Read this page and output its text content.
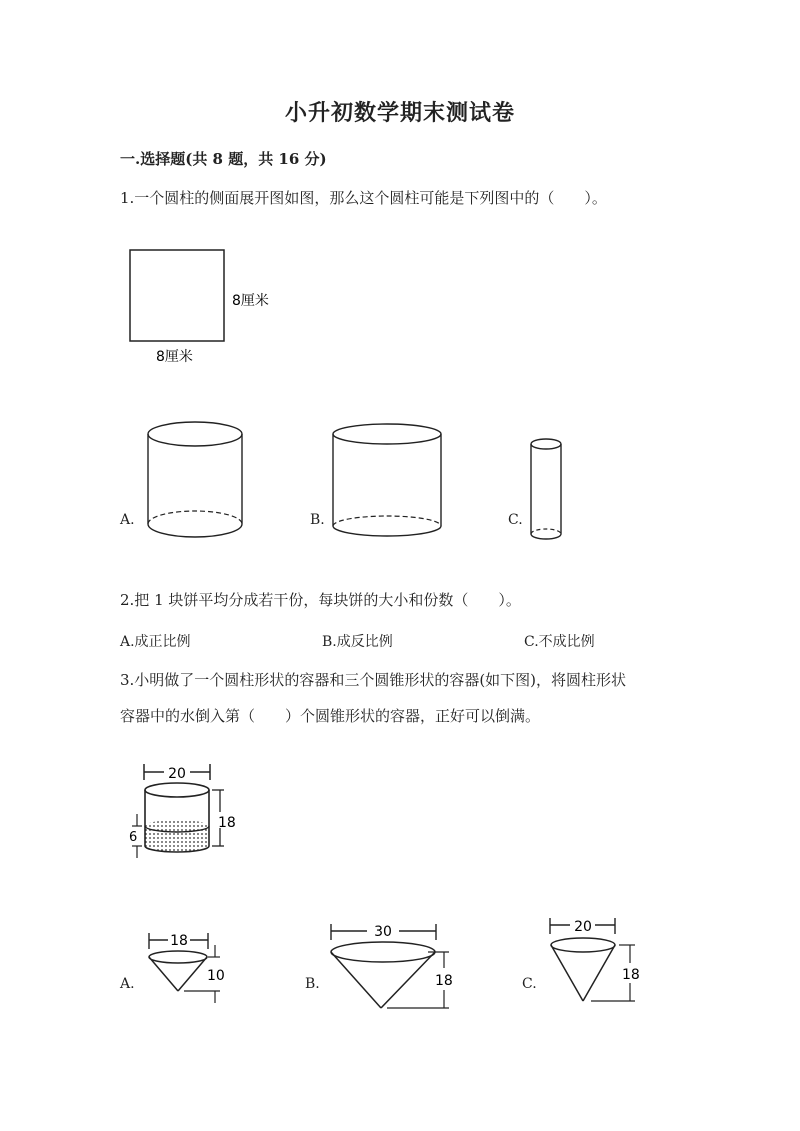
小升初数学期末测试卷
一.选择题(共 8 题，共 16 分)
1.一个圆柱的侧面展开图如图，那么这个圆柱可能是下列图中的（　　）。
8厘米
8厘米
A.	B.	C.
2.把 1 块饼平均分成若干份，每块饼的大小和份数（　　）。
A.成正比例	B.成反比例	C.不成比例
3.小明做了一个圆柱形状的容器和三个圆锥形状的容器(如下图)，将圆柱形状
容器中的水倒入第（　　）个圆锥形状的容器，正好可以倒满。
20
18
6
18
10
A.
30
18
B.
20
18
C.
